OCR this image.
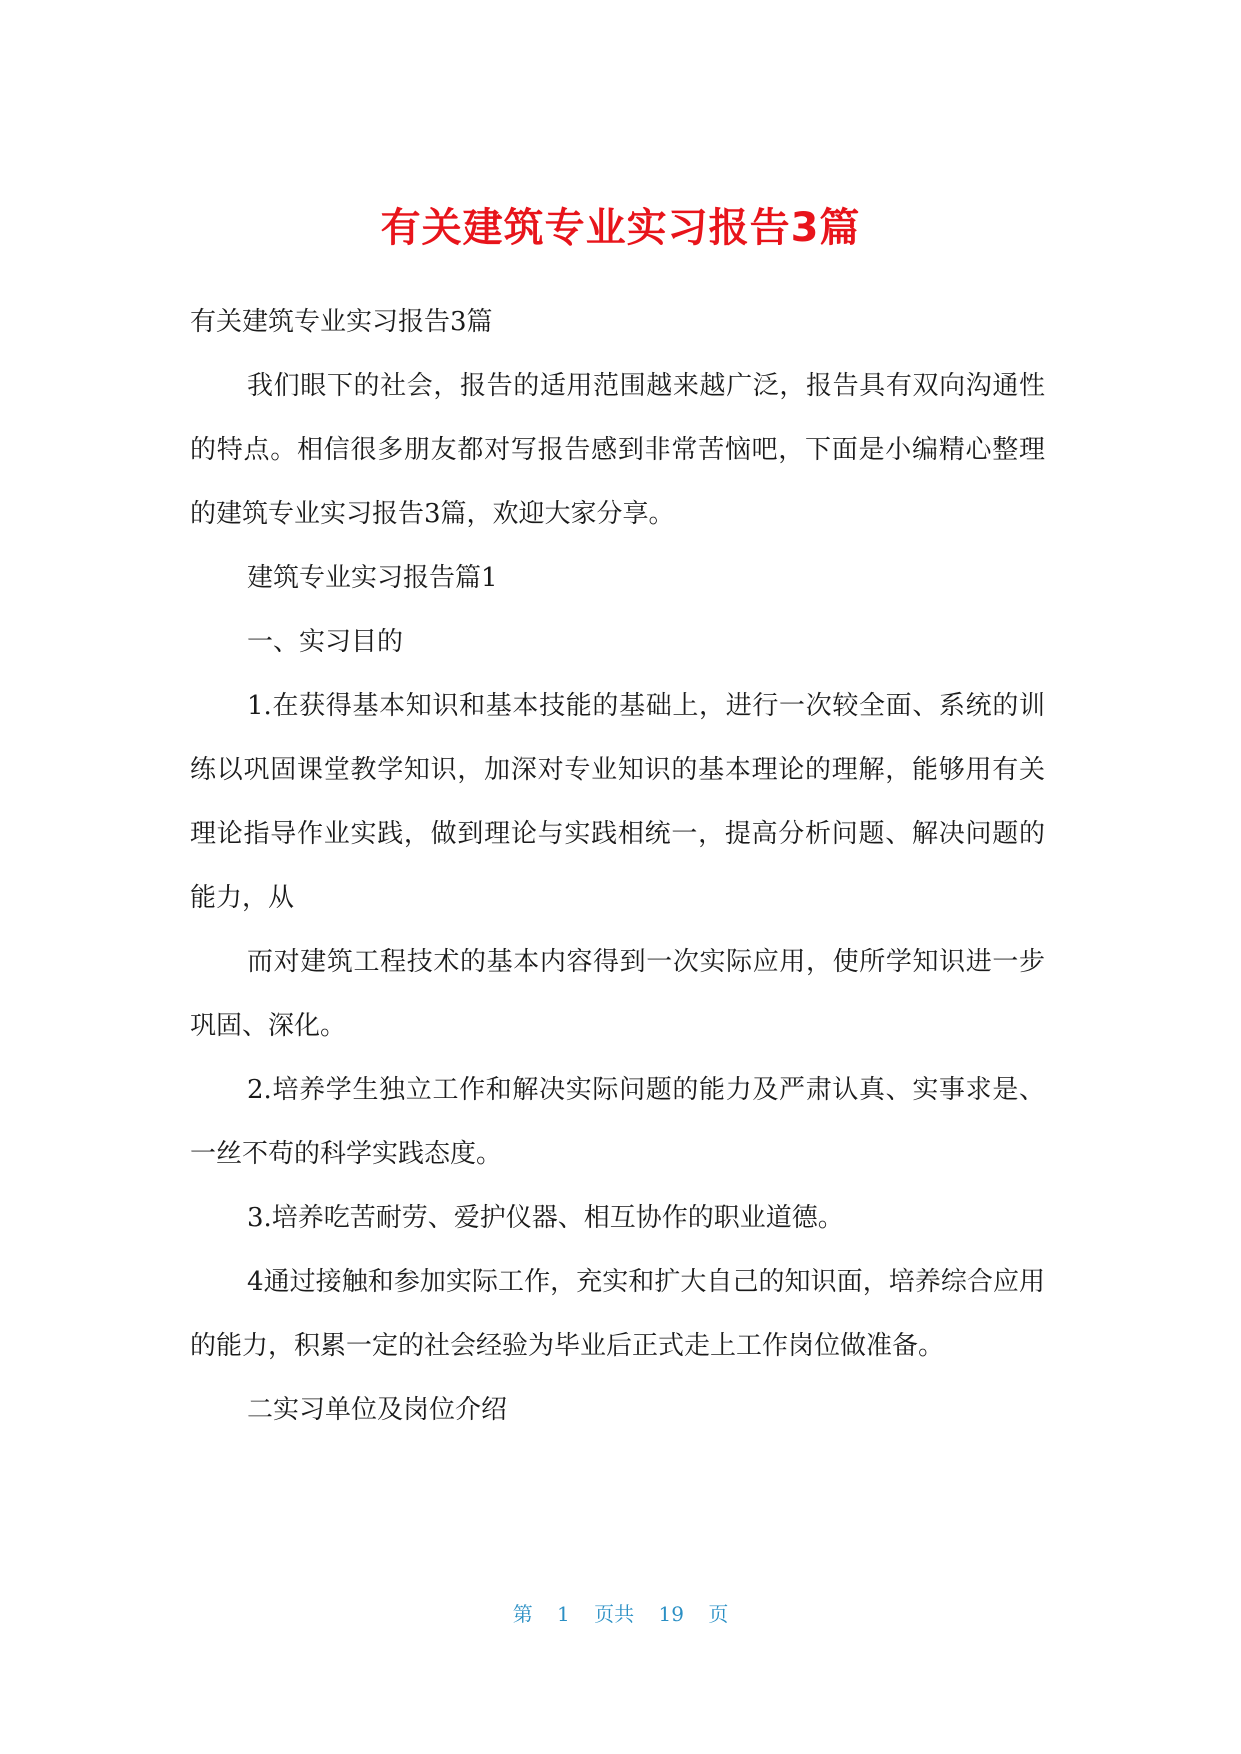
有关建筑专业实习报告3篇

有关建筑专业实习报告3篇

我们眼下的社会，报告的适用范围越来越广泛，报告具有双向沟通性的特点。相信很多朋友都对写报告感到非常苦恼吧，下面是小编精心整理的建筑专业实习报告3篇，欢迎大家分享。

建筑专业实习报告篇1

一、实习目的

1.在获得基本知识和基本技能的基础上，进行一次较全面、系统的训练以巩固课堂教学知识，加深对专业知识的基本理论的理解，能够用有关理论指导作业实践，做到理论与实践相统一，提高分析问题、解决问题的能力，从

而对建筑工程技术的基本内容得到一次实际应用，使所学知识进一步巩固、深化。

2.培养学生独立工作和解决实际问题的能力及严肃认真、实事求是、一丝不苟的科学实践态度。

3.培养吃苦耐劳、爱护仪器、相互协作的职业道德。

4通过接触和参加实际工作，充实和扩大自己的知识面，培养综合应用的能力，积累一定的社会经验为毕业后正式走上工作岗位做准备。

二实习单位及岗位介绍

第 1 页共 19 页
